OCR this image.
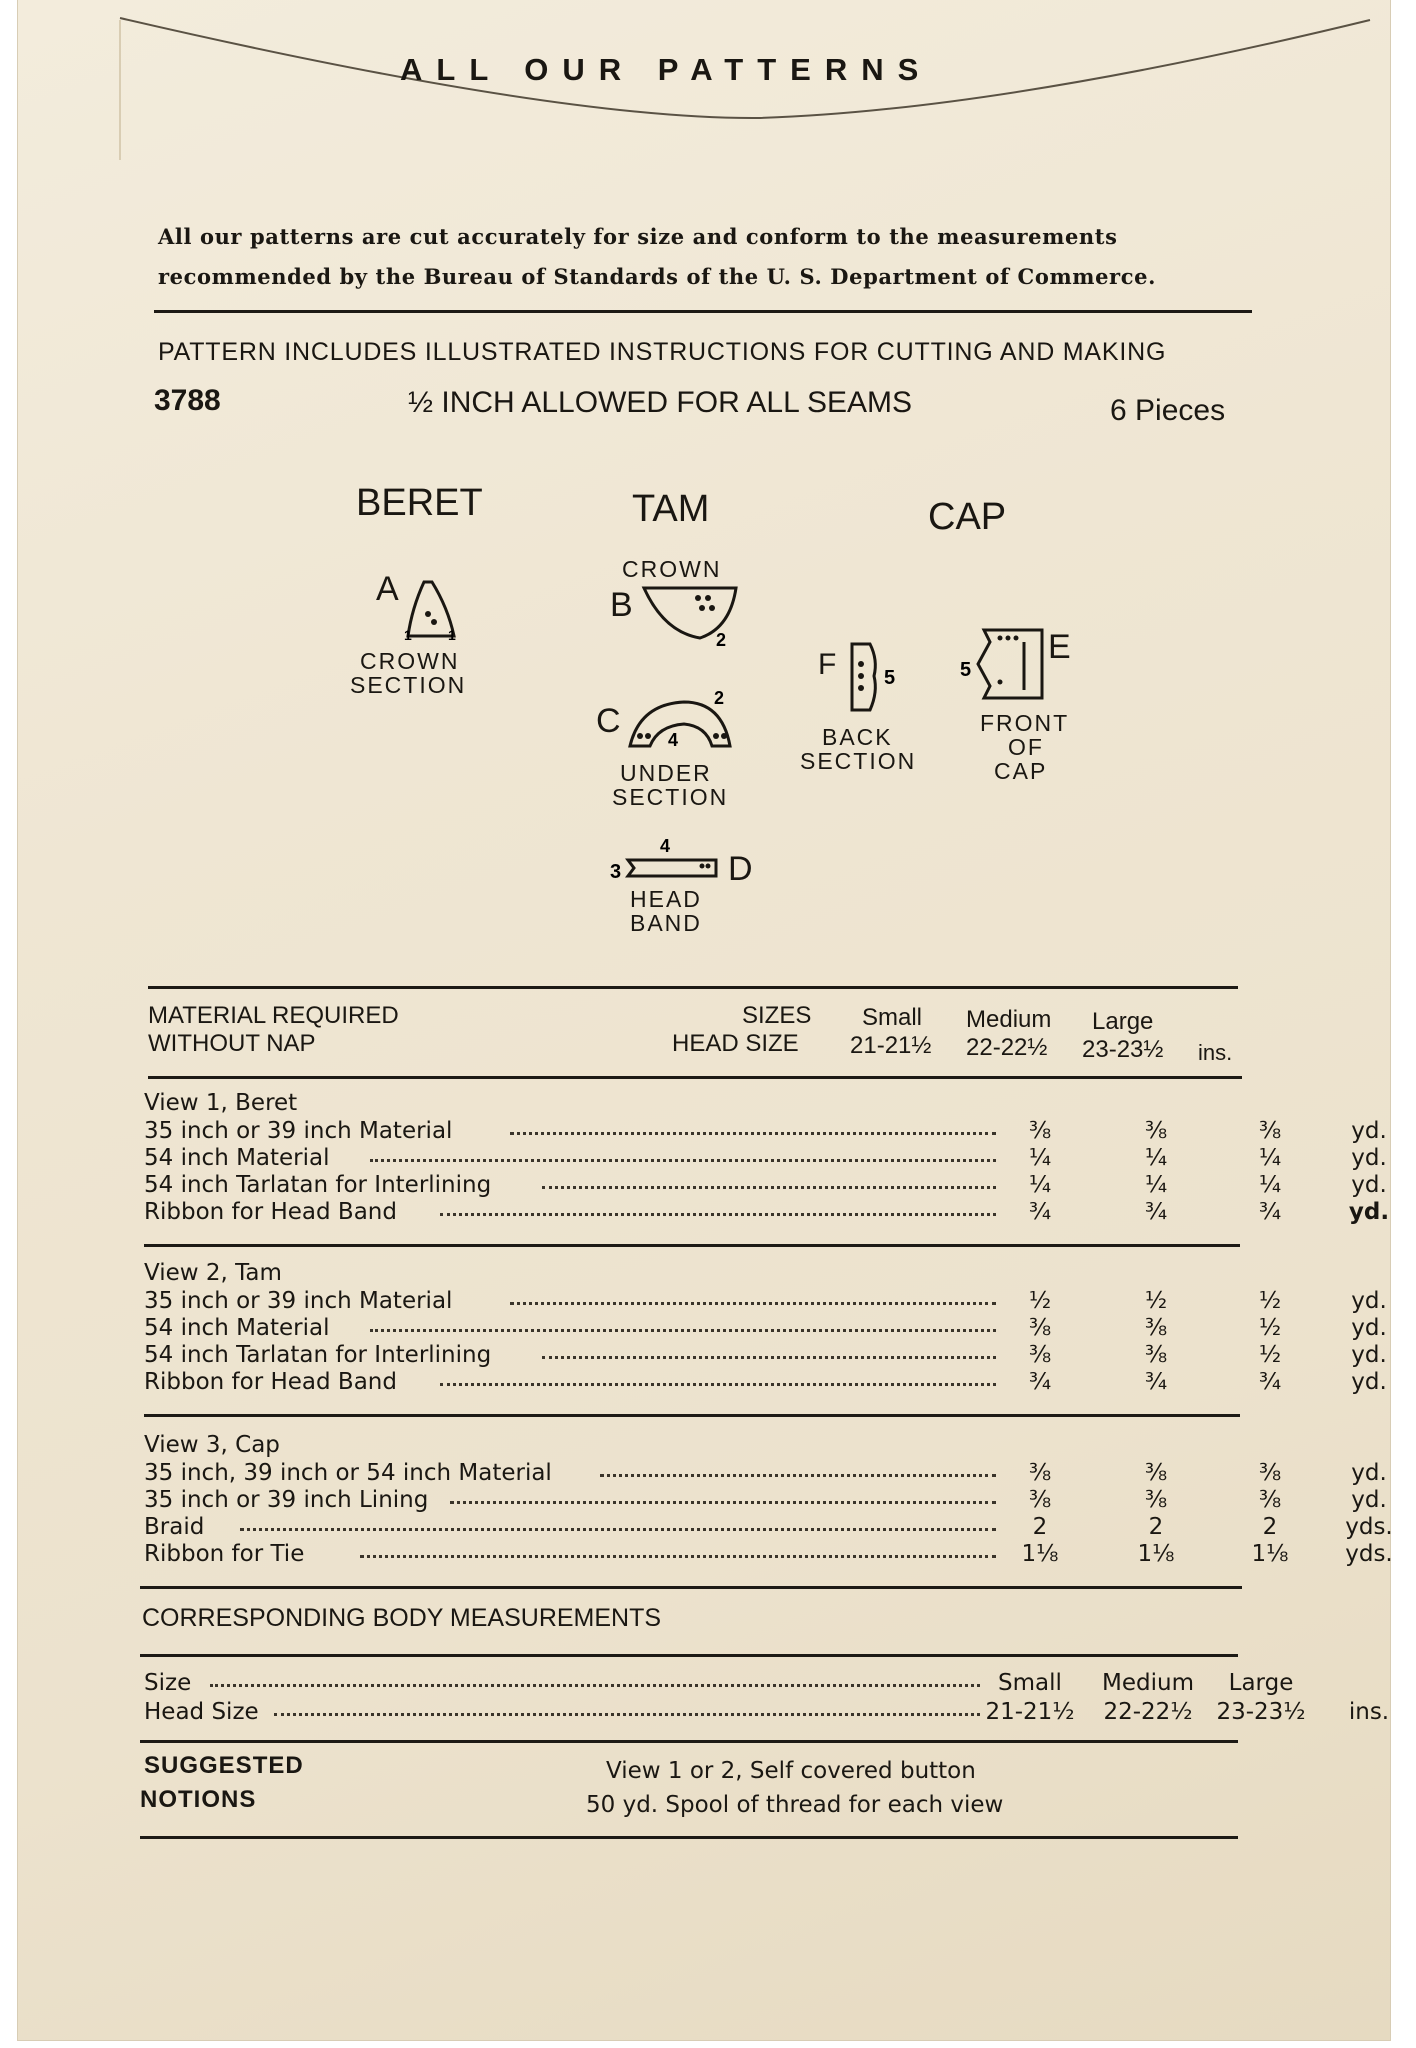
ALL OUR PATTERNS
All our patterns are cut accurately for size and conform to the measurements
recommended by the Bureau of Standards of the U. S. Department of Commerce.
PATTERN INCLUDES ILLUSTRATED INSTRUCTIONS FOR CUTTING AND MAKING
3788	½ INCH ALLOWED FOR ALL SEAMS	6 Pieces
BERET	TAM	CAP
A
1	1
CROWN
SECTION
CROWN
B
2
C	4
2
UNDER
SECTION
4
3	D
HEAD
BAND
F 5
BACK
SECTION
5
E
FRONT
OF
CAP
MATERIAL REQUIRED
WITHOUT NAP
SIZES
HEAD SIZE
Small Medium Large
21-21½ 22-22½ 23-23½ ins.
View 1, Beret
35 inch or 39 inch Material	⅜	⅜	⅜	yd.
54 inch Material	¼	¼	¼	yd.
54 inch Tarlatan for Interlining	¼	¼	¼	yd.
Ribbon for Head Band	¾	¾	¾	yd.
View 2, Tam
35 inch or 39 inch Material	½	½	½	yd.
54 inch Material	⅜	⅜	½	yd.
54 inch Tarlatan for Interlining	⅜	⅜	½	yd.
Ribbon for Head Band	¾	¾	¾	yd.
View 3, Cap
35 inch, 39 inch or 54 inch Material	⅜	⅜	⅜	yd.
35 inch or 39 inch Lining	⅜	⅜	⅜	yd.
Braid	2	2	2	yds.
Ribbon for Tie	1⅛	1⅛	1⅛	yds.
CORRESPONDING BODY MEASUREMENTS
Size	Small	Medium	Large
Head Size	21-21½	22-22½	23-23½	ins.
SUGGESTED
NOTIONS
View 1 or 2, Self covered button
50 yd. Spool of thread for each view
